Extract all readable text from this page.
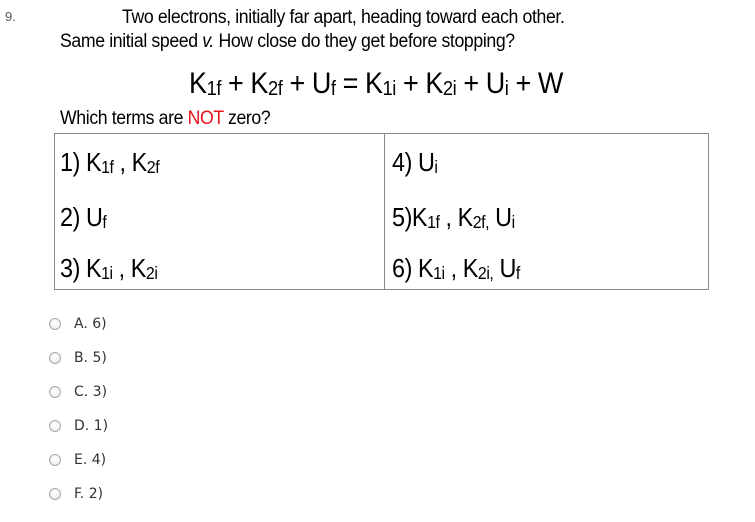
9.	Two electrons, initially far apart, heading toward each other.
Same initial speed v. How close do they get before stopping?
$K_{1f} + K_{2f} + U_f = K_{1i} + K_{2i} + U_i + W$
Which terms are NOT zero?
1) $K_{1f}$ , $K_{2f}$
2) $U_f$
3) $K_{1i}$ , $K_{2i}$
4) $U_i$
$5)K_{1f}$ , $K_{2f,}$ $U_i$
6) $K_{1i}$ , $K_{2i,}$ $U_f$
A. 6)
B. 5)
C. 3)
D. 1)
E. 4)
F. 2)
